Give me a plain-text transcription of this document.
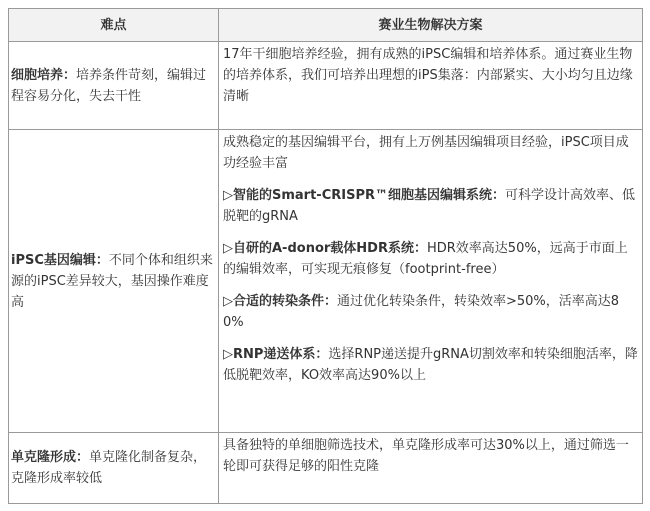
难点	赛业生物解决方案
细胞培养：培养条件苛刻，编辑过程容易分化，失去干性	17年干细胞培养经验，拥有成熟的iPSC编辑和培养体系。通过赛业生物的培养体系，我们可培养出理想的iPS集落：内部紧实、大小均匀且边缘清晰

iPSC基因编辑：不同个体和组织来源的iPSC差异较大，基因操作难度高	成熟稳定的基因编辑平台，拥有上万例基因编辑项目经验，iPSC项目成功经验丰富

▷智能的Smart-CRISPR™细胞基因编辑系统：可科学设计高效率、低脱靶的gRNA

▷自研的A-donor载体HDR系统：HDR效率高达50%，远高于市面上的编辑效率，可实现无痕修复（footprint-free）

▷合适的转染条件：通过优化转染条件，转染效率>50%，活率高达80%

▷RNP递送体系：选择RNP递送提升gRNA切割效率和转染细胞活率，降低脱靶效率，KO效率高达90%以上

单克隆形成：单克隆化制备复杂，克隆形成率较低	具备独特的单细胞筛选技术，单克隆形成率可达30%以上，通过筛选一轮即可获得足够的阳性克隆
